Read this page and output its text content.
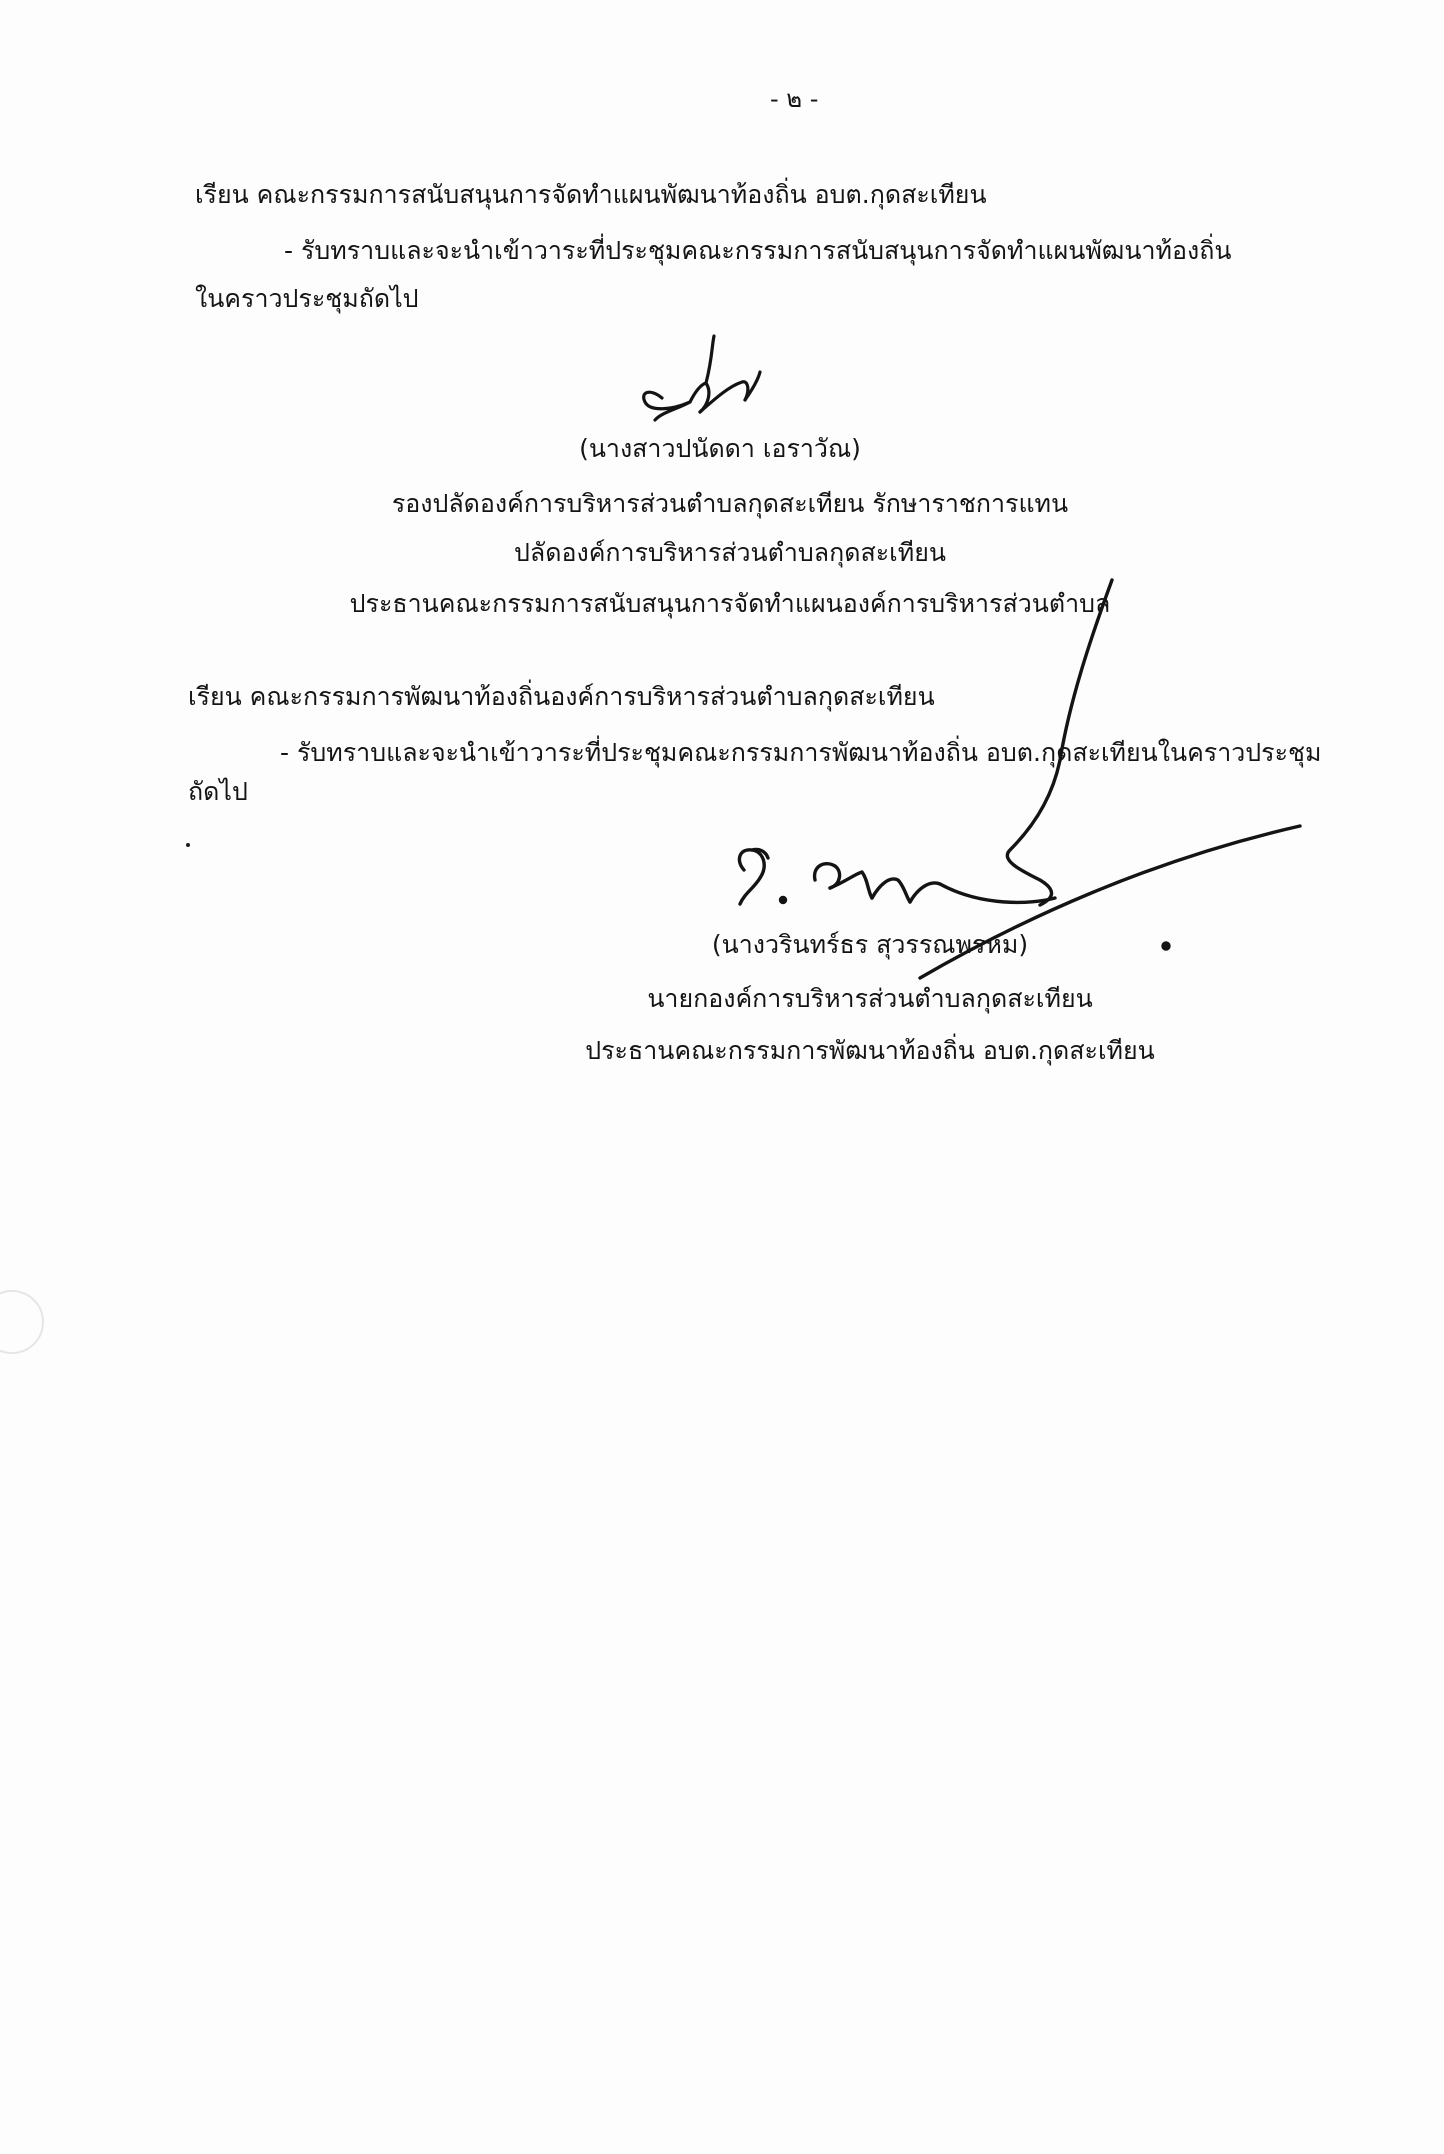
- ๒ -
เรียน คณะกรรมการสนับสนุนการจัดทำแผนพัฒนาท้องถิ่น อบต.กุดสะเทียน
- รับทราบและจะนำเข้าวาระที่ประชุมคณะกรรมการสนับสนุนการจัดทำแผนพัฒนาท้องถิ่น
ในคราวประชุมถัดไป
(นางสาวปนัดดา เอราวัณ)
รองปลัดองค์การบริหารส่วนตำบลกุดสะเทียน รักษาราชการแทน
ปลัดองค์การบริหารส่วนตำบลกุดสะเทียน
ประธานคณะกรรมการสนับสนุนการจัดทำแผนองค์การบริหารส่วนตำบล
เรียน คณะกรรมการพัฒนาท้องถิ่นองค์การบริหารส่วนตำบลกุดสะเทียน
- รับทราบและจะนำเข้าวาระที่ประชุมคณะกรรมการพัฒนาท้องถิ่น อบต.กุดสะเทียนในคราวประชุม
ถัดไป
(นางวรินทร์ธร สุวรรณพรหม)
นายกองค์การบริหารส่วนตำบลกุดสะเทียน
ประธานคณะกรรมการพัฒนาท้องถิ่น อบต.กุดสะเทียน
